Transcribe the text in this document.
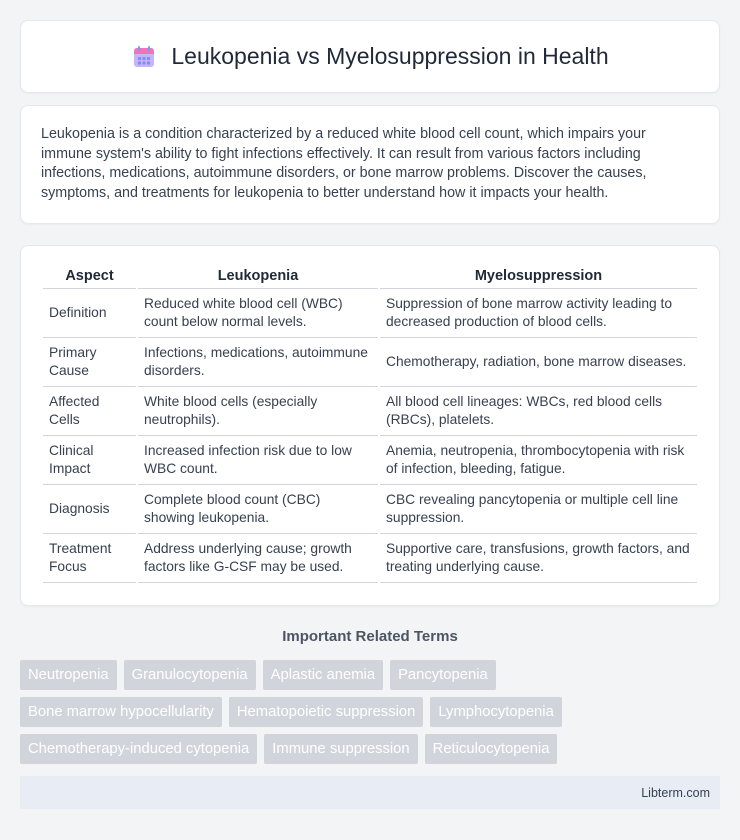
Leukopenia vs Myelosuppression in Health

Leukopenia is a condition characterized by a reduced white blood cell count, which impairs your immune system's ability to fight infections effectively. It can result from various factors including infections, medications, autoimmune disorders, or bone marrow problems. Discover the causes, symptoms, and treatments for leukopenia to better understand how it impacts your health.

Aspect	Leukopenia	Myelosuppression
Definition	Reduced white blood cell (WBC) count below normal levels.	Suppression of bone marrow activity leading to decreased production of blood cells.
Primary Cause	Infections, medications, autoimmune disorders.	Chemotherapy, radiation, bone marrow diseases.
Affected Cells	White blood cells (especially neutrophils).	All blood cell lineages: WBCs, red blood cells (RBCs), platelets.
Clinical Impact	Increased infection risk due to low WBC count.	Anemia, neutropenia, thrombocytopenia with risk of infection, bleeding, fatigue.
Diagnosis	Complete blood count (CBC) showing leukopenia.	CBC revealing pancytopenia or multiple cell line suppression.
Treatment Focus	Address underlying cause; growth factors like G-CSF may be used.	Supportive care, transfusions, growth factors, and treating underlying cause.
Important Related Terms
Neutropenia	Granulocytopenia	Aplastic anemia	Pancytopenia
Bone marrow hypocellularity	Hematopoietic suppression	Lymphocytopenia
Chemotherapy-induced cytopenia	Immune suppression	Reticulocytopenia
Libterm.com
